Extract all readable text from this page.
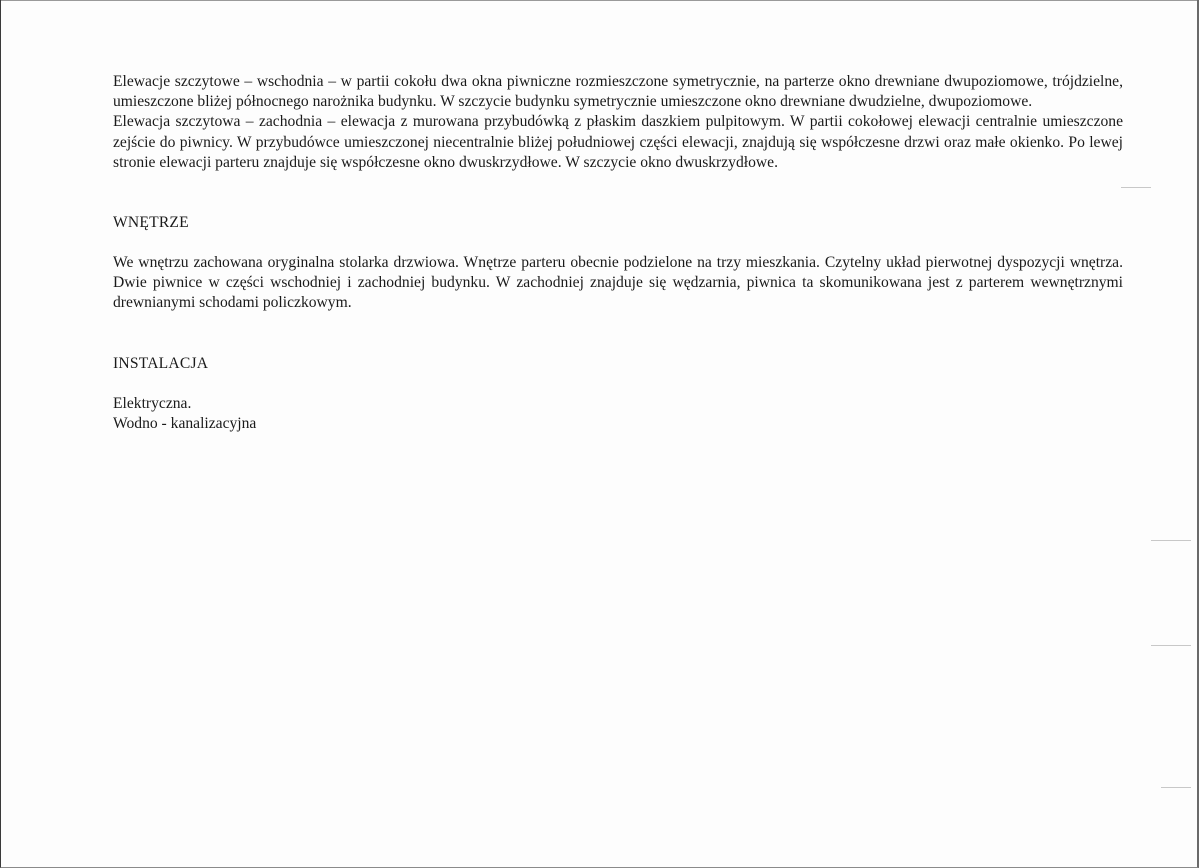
Elewacje szczytowe – wschodnia – w partii cokołu dwa okna piwniczne rozmieszczone symetrycznie, na parterze okno drewniane dwupoziomowe, trójdzielne, umieszczone bliżej północnego narożnika budynku. W szczycie budynku symetrycznie umieszczone okno drewniane dwudzielne, dwupoziomowe.

Elewacja szczytowa – zachodnia – elewacja z murowana przybudówką z płaskim daszkiem pulpitowym. W partii cokołowej elewacji centralnie umieszczone zejście do piwnicy. W przybudówce umieszczonej niecentralnie bliżej południowej części elewacji, znajdują się współczesne drzwi oraz małe okienko. Po lewej stronie elewacji parteru znajduje się współczesne okno dwuskrzydłowe. W szczycie okno dwuskrzydłowe.

WNĘTRZE

We wnętrzu zachowana oryginalna stolarka drzwiowa. Wnętrze parteru obecnie podzielone na trzy mieszkania. Czytelny układ pierwotnej dyspozycji wnętrza. Dwie piwnice w części wschodniej i zachodniej budynku. W zachodniej znajduje się wędzarnia, piwnica ta skomunikowana jest z parterem wewnętrznymi drewnianymi schodami policzkowym.

INSTALACJA

Elektryczna.
Wodno - kanalizacyjna
